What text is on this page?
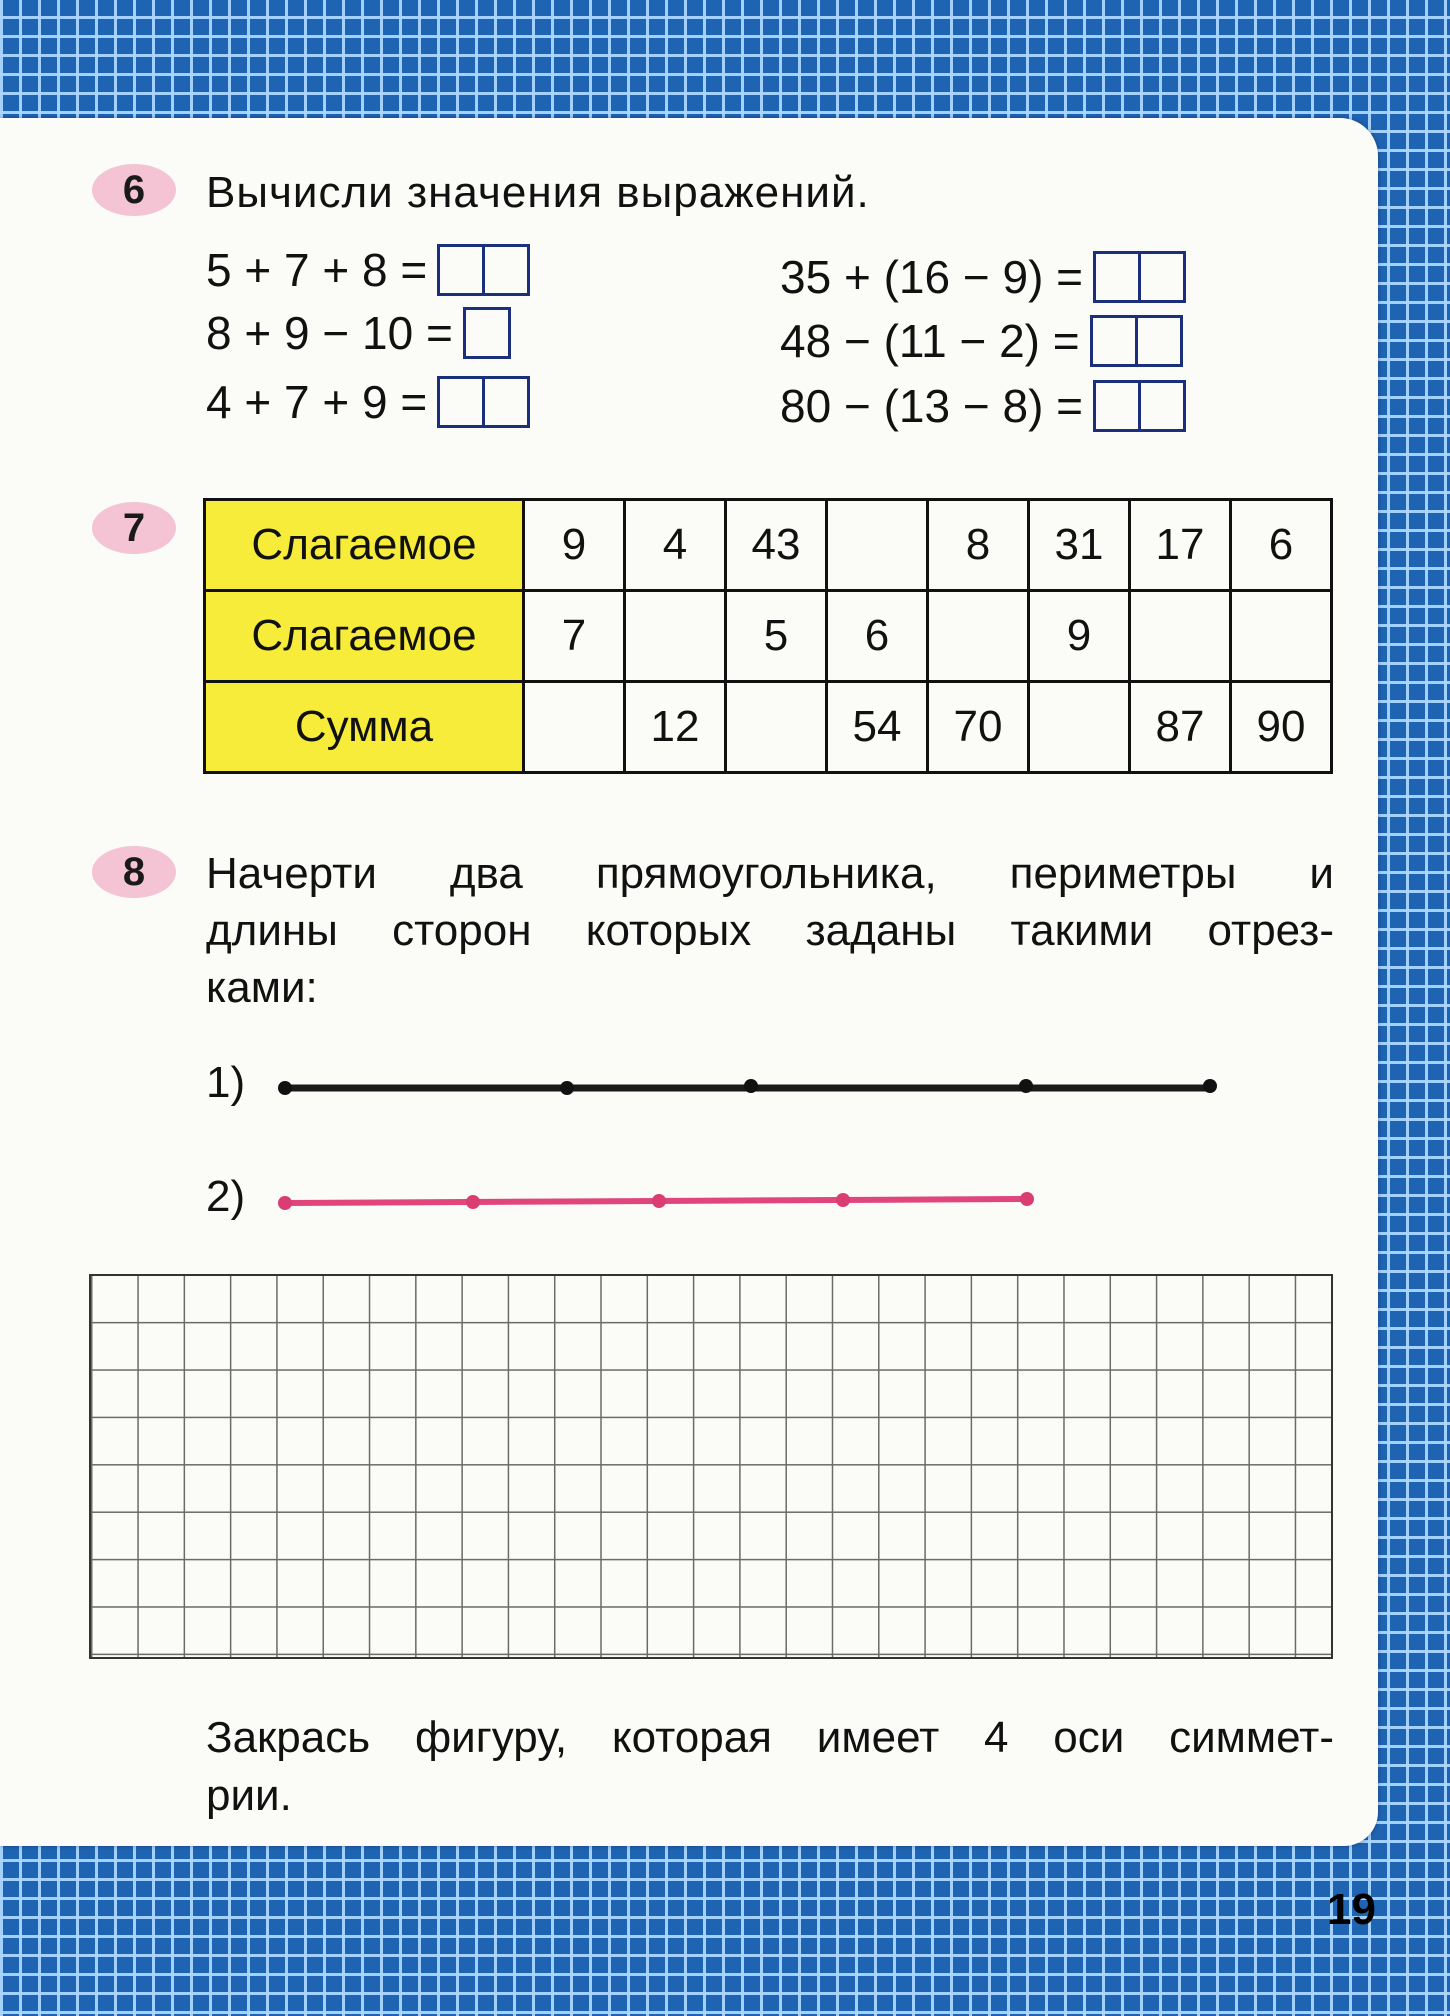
6	Вычисли значения выражений.
5 + 7 + 8 =
8 + 9 − 10 =
4 + 7 + 9 =
35 + (16 − 9) =
48 − (11 − 2) =
80 − (13 − 8) =
7	Слагаемое	9	4	43		8	31	17	6
Слагаемое	7		5	6		9		
Сумма		12		54	70		87	90
8	Начерти два прямоугольника, периметры и
длины сторон которых заданы такими отрез-
ками:
1)
2)
Закрась фигуру, которая имеет 4 оси симмет-
рии.
19
